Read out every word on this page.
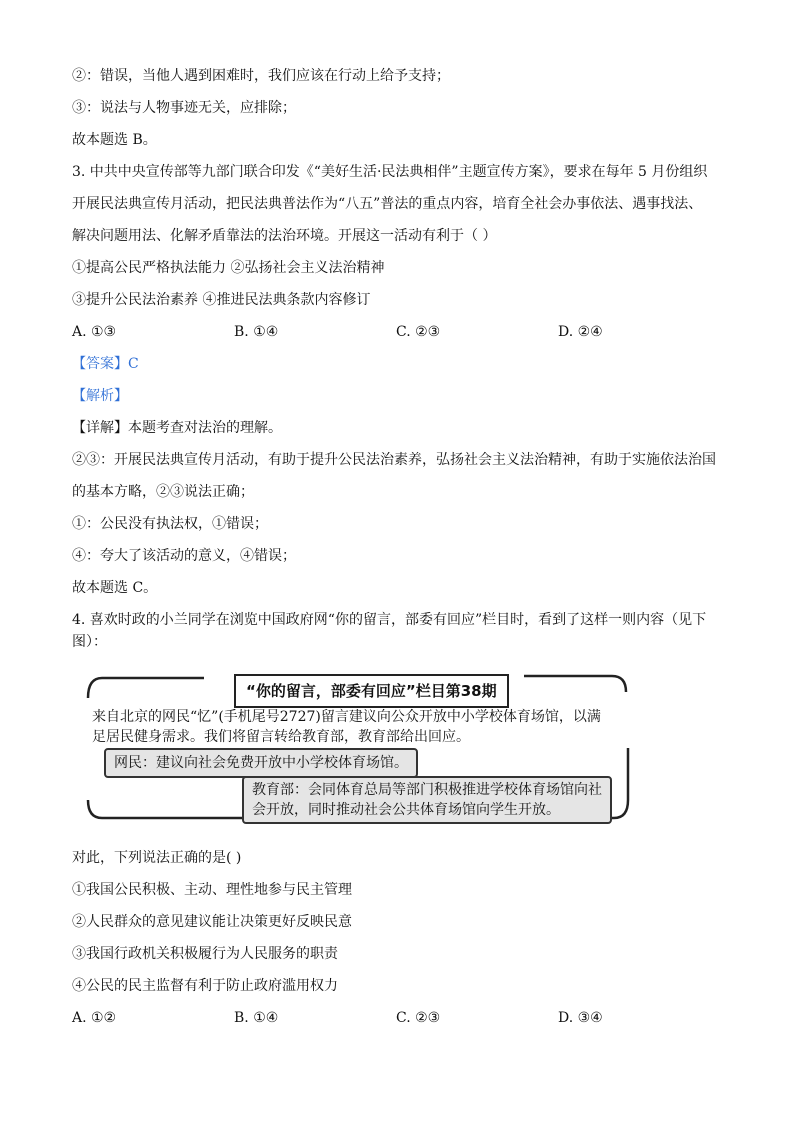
②：错误，当他人遇到困难时，我们应该在行动上给予支持；
③：说法与人物事迹无关，应排除；
故本题选 B。
3. 中共中央宣传部等九部门联合印发《“美好生活·民法典相伴”主题宣传方案》，要求在每年 5 月份组织
开展民法典宣传月活动，把民法典普法作为“八五”普法的重点内容，培育全社会办事依法、遇事找法、
解决问题用法、化解矛盾靠法的法治环境。开展这一活动有利于（ ）
①提高公民严格执法能力 ②弘扬社会主义法治精神
③提升公民法治素养 ④推进民法典条款内容修订
A. ①③	B. ①④	C. ②③	D. ②④
【答案】C
【解析】
【详解】本题考查对法治的理解。
②③：开展民法典宣传月活动，有助于提升公民法治素养，弘扬社会主义法治精神，有助于实施依法治国
的基本方略，②③说法正确；
①：公民没有执法权，①错误；
④：夸大了该活动的意义，④错误；
故本题选 C。
4. 喜欢时政的小兰同学在浏览中国政府网“你的留言，部委有回应”栏目时，看到了这样一则内容（见下
图）：
“你的留言，部委有回应”栏目第38期
来自北京的网民“忆”(手机尾号2727)留言建议向公众开放中小学校体育场馆，以满
足居民健身需求。我们将留言转给教育部，教育部给出回应。
网民：建议向社会免费开放中小学校体育场馆。
教育部：会同体育总局等部门积极推进学校体育场馆向社
会开放，同时推动社会公共体育场馆向学生开放。
对此，下列说法正确的是( )
①我国公民积极、主动、理性地参与民主管理
②人民群众的意见建议能让决策更好反映民意
③我国行政机关积极履行为人民服务的职责
④公民的民主监督有利于防止政府滥用权力
A. ①②	B. ①④	C. ②③	D. ③④
